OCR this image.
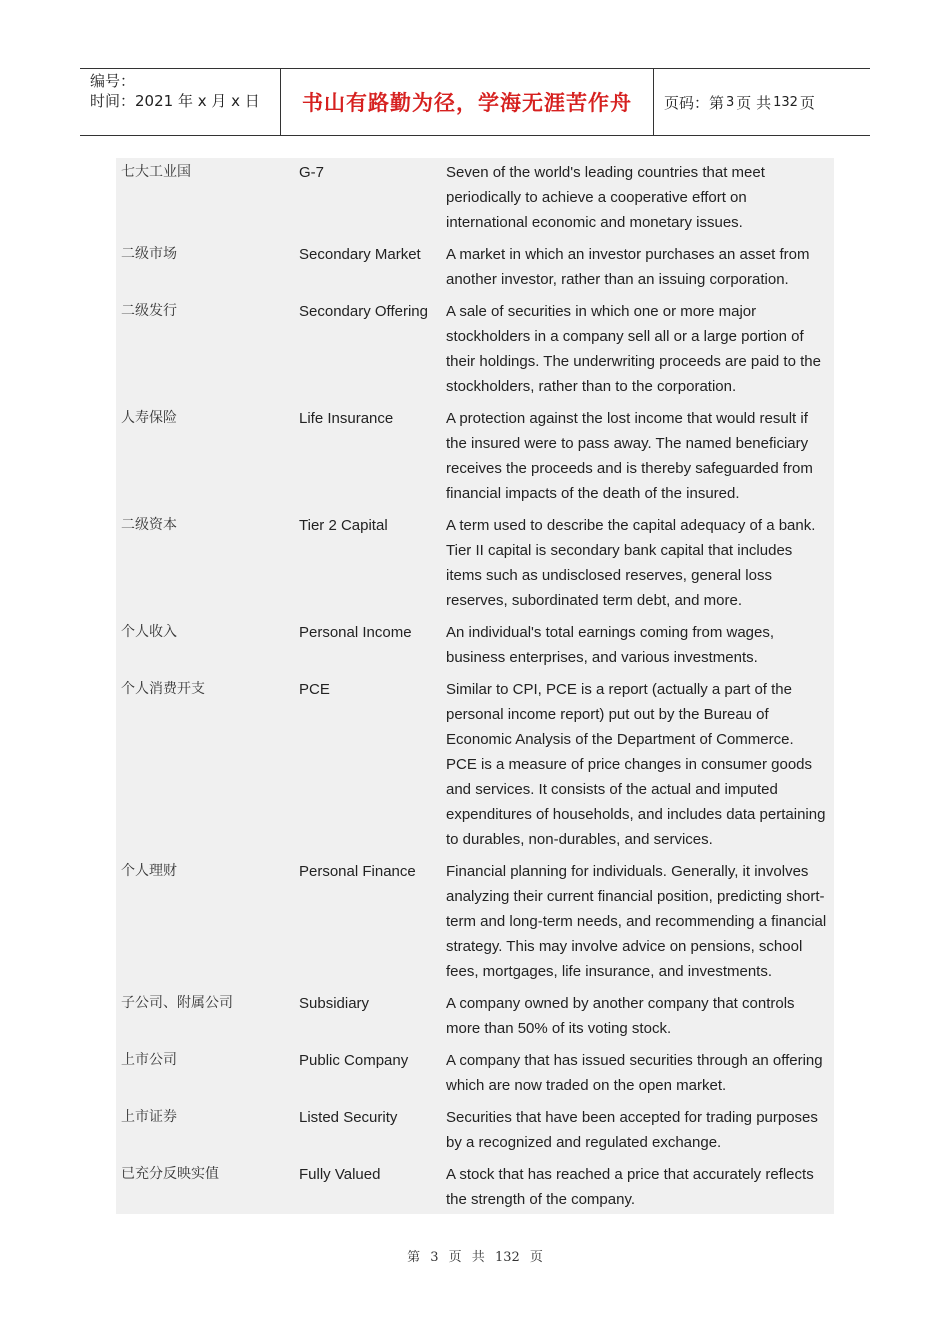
编号：
时间：2021 年 x 月 x 日	书山有路勤为径，学海无涯苦作舟 页码：第 3 页 共 132 页
七大工业国	G-7	Seven of the world's leading countries that meet
periodically to achieve a cooperative effort on
international economic and monetary issues.
二级市场	Secondary Market	A market in which an investor purchases an asset from
another investor, rather than an issuing corporation.
二级发行	Secondary Offering	A sale of securities in which one or more major
stockholders in a company sell all or a large portion of
their holdings. The underwriting proceeds are paid to the
stockholders, rather than to the corporation.
人寿保险	Life Insurance	A protection against the lost income that would result if
the insured were to pass away. The named beneficiary
receives the proceeds and is thereby safeguarded from
financial impacts of the death of the insured.
二级资本	Tier 2 Capital	A term used to describe the capital adequacy of a bank.
Tier II capital is secondary bank capital that includes
items such as undisclosed reserves, general loss
reserves, subordinated term debt, and more.
个人收入	Personal Income	An individual's total earnings coming from wages,
business enterprises, and various investments.
个人消费开支	PCE	Similar to CPI, PCE is a report (actually a part of the
personal income report) put out by the Bureau of
Economic Analysis of the Department of Commerce.
PCE is a measure of price changes in consumer goods
and services. It consists of the actual and imputed
expenditures of households, and includes data pertaining
to durables, non-durables, and services.
个人理财	Personal Finance	Financial planning for individuals. Generally, it involves
analyzing their current financial position, predicting short-
term and long-term needs, and recommending a financial
strategy. This may involve advice on pensions, school
fees, mortgages, life insurance, and investments.
子公司、附属公司	Subsidiary	A company owned by another company that controls
more than 50% of its voting stock.
上市公司	Public Company	A company that has issued securities through an offering
which are now traded on the open market.
上市证券	Listed Security	Securities that have been accepted for trading purposes
by a recognized and regulated exchange.
已充分反映实值	Fully Valued	A stock that has reached a price that accurately reflects
the strength of the company.
第 3 页 共 132 页
